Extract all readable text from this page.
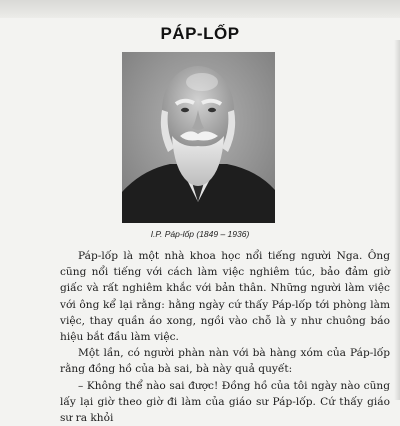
PÁP-LỐP
I.P. Páp-lốp (1849 – 1936)

Páp-lốp là một nhà khoa học nổi tiếng người Nga. Ông cũng nổi tiếng với cách làm việc nghiêm túc, bảo đảm giờ giấc và rất nghiêm khắc với bản thân. Những người làm việc với ông kể lại rằng: hằng ngày cứ thấy Páp-lốp tới phòng làm việc, thay quần áo xong, ngồi vào chỗ là y như chuông báo hiệu bắt đầu làm việc.

Một lần, có người phàn nàn với bà hàng xóm của Páp-lốp rằng đồng hồ của bà sai, bà này quả quyết:

– Không thể nào sai được! Đồng hồ của tôi ngày nào cũng lấy lại giờ theo giờ đi làm của giáo sư Páp-lốp. Cứ thấy giáo sư ra khỏi
